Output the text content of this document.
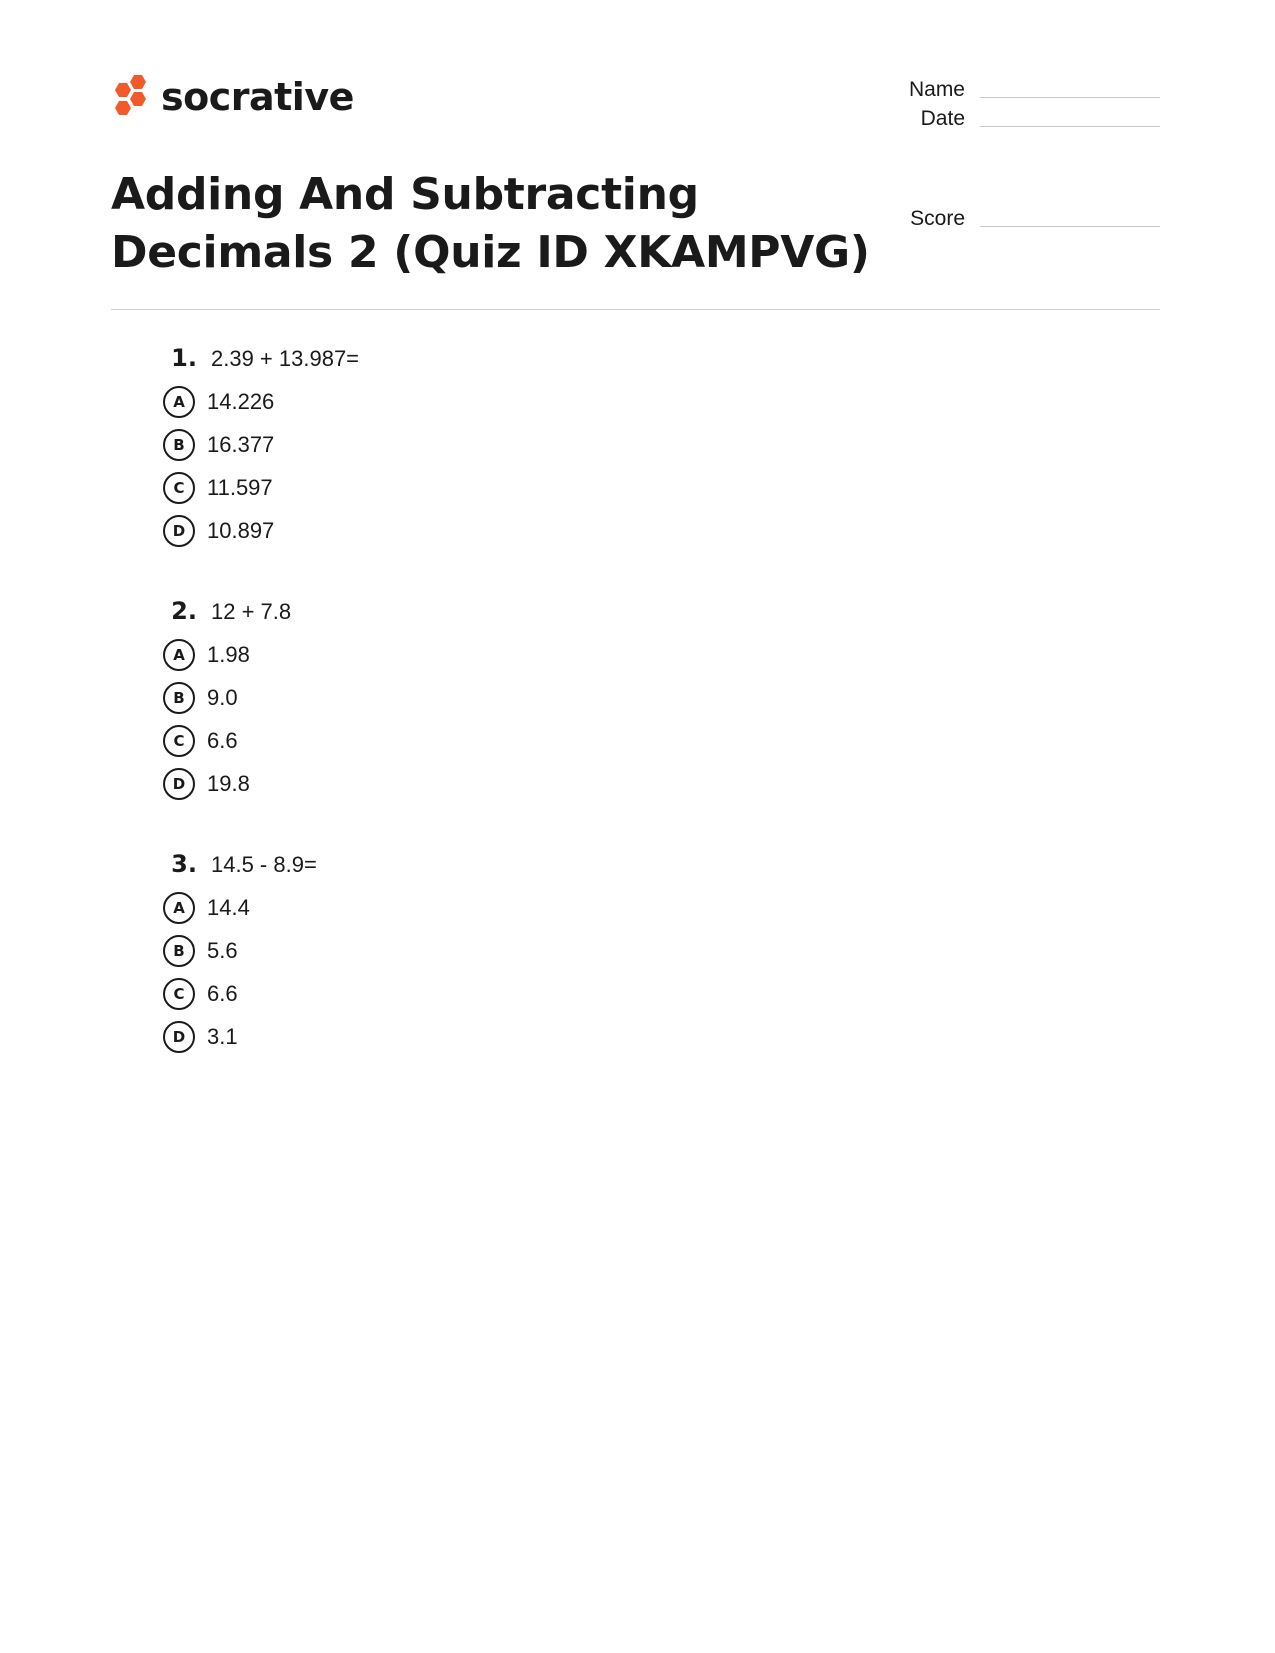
socrative	Name
Date
Score
Adding And Subtracting Decimals 2 (Quiz ID XKAMPVG)
1. 2.39 + 13.987=
A	14.226
B	16.377
C	11.597
D 10.897
2. 12 + 7.8
A	1.98
B	9.0
C	6.6
D 19.8
3. 14.5 - 8.9=
A	14.4
B	5.6
C	6.6
D 3.1
